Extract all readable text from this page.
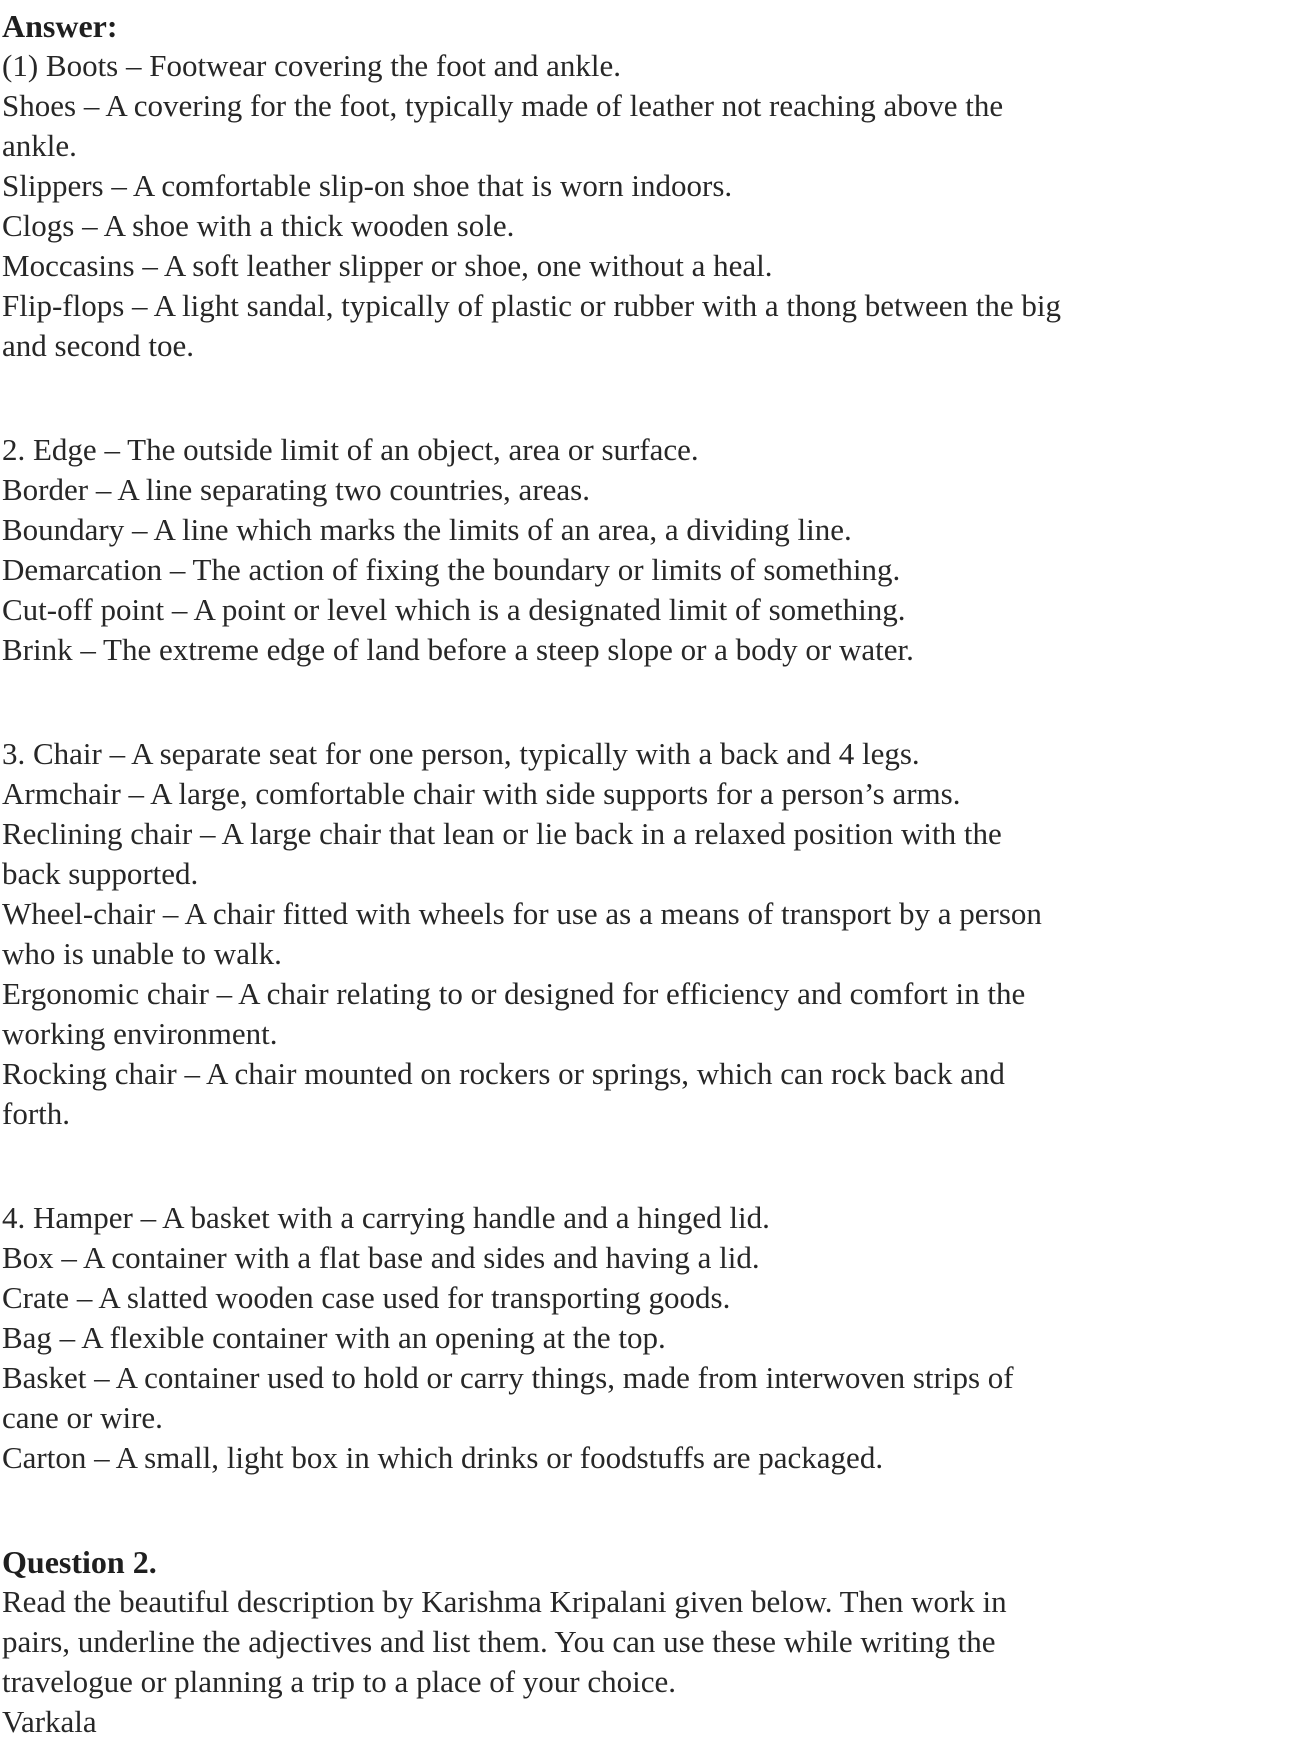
Answer:
(1) Boots – Footwear covering the foot and ankle.
Shoes – A covering for the foot, typically made of leather not reaching above the
ankle.
Slippers – A comfortable slip-on shoe that is worn indoors.
Clogs – A shoe with a thick wooden sole.
Moccasins – A soft leather slipper or shoe, one without a heal.
Flip-flops – A light sandal, typically of plastic or rubber with a thong between the big
and second toe.
2. Edge – The outside limit of an object, area or surface.
Border – A line separating two countries, areas.
Boundary – A line which marks the limits of an area, a dividing line.
Demarcation – The action of fixing the boundary or limits of something.
Cut-off point – A point or level which is a designated limit of something.
Brink – The extreme edge of land before a steep slope or a body or water.
3. Chair – A separate seat for one person, typically with a back and 4 legs.
Armchair – A large, comfortable chair with side supports for a person’s arms.
Reclining chair – A large chair that lean or lie back in a relaxed position with the
back supported.
Wheel-chair – A chair fitted with wheels for use as a means of transport by a person
who is unable to walk.
Ergonomic chair – A chair relating to or designed for efficiency and comfort in the
working environment.
Rocking chair – A chair mounted on rockers or springs, which can rock back and
forth.
4. Hamper – A basket with a carrying handle and a hinged lid.
Box – A container with a flat base and sides and having a lid.
Crate – A slatted wooden case used for transporting goods.
Bag – A flexible container with an opening at the top.
Basket – A container used to hold or carry things, made from interwoven strips of
cane or wire.
Carton – A small, light box in which drinks or foodstuffs are packaged.
Question 2.
Read the beautiful description by Karishma Kripalani given below. Then work in
pairs, underline the adjectives and list them. You can use these while writing the
travelogue or planning a trip to a place of your choice.
Varkala
